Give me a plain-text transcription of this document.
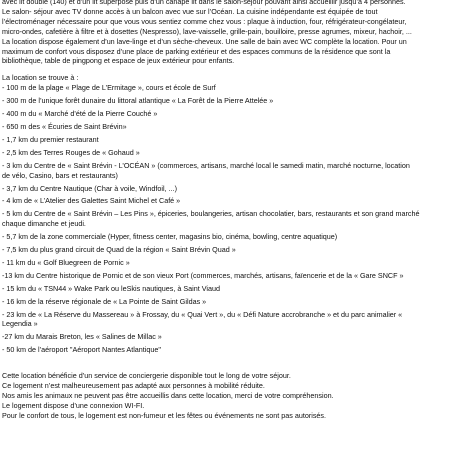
avec lit double (140) et d’un lit superposé puis d’un canapé lit dans le salon-séjour pouvant ainsi accueillir jusqu’à 4 personnes.

Le salon- séjour avec TV donne accès à un balcon avec vue sur l’Océan. La cuisine indépendante est équipée de tout

l’électroménager nécessaire pour que vous vous sentiez comme chez vous : plaque à induction, four, réfrigérateur-congélateur,

micro-ondes, cafetière à filtre et à dosettes (Nespresso), lave-vaisselle, grille-pain, bouilloire, presse agrumes, mixeur, hachoir, ...

La location dispose également d’un lave-linge et d’un sèche-cheveux. Une salle de bain avec WC complète la location. Pour un

maximum de confort vous disposez d’une place de parking extérieur et des espaces communs de la résidence que sont la

bibliothèque, table de pingpong et espace de jeux extérieur pour enfants.

La location se trouve à :

- 100 m de la plage « Plage de L’Ermitage », cours et école de Surf

- 300 m de l’unique forêt dunaire du littoral atlantique « La Forêt de la Pierre Attelée »

- 400 m du « Marché d’été de la Pierre Couché »

- 650 m des « Écuries de Saint Brévin»

- 1,7 km du premier restaurant

- 2,5 km des Terres Rouges de « Gohaud »

- 3 km du Centre de « Saint Brévin - L’OCÉAN » (commerces, artisans, marché local le samedi matin, marché nocturne, location

de vélo, Casino, bars et restaurants)

- 3,7 km du Centre Nautique (Char à voile, Windfoil, ...)

- 4 km de « L’Atelier des Galettes Saint Michel et Café »

- 5 km du Centre de « Saint Brévin – Les Pins », épiceries, boulangeries, artisan chocolatier, bars, restaurants et son grand marché

chaque dimanche et jeudi.

- 5,7 km de la zone commerciale (Hyper, fitness center, magasins bio, cinéma, bowling, centre aquatique)

- 7,5 km du plus grand circuit de Quad de la région « Saint Brévin Quad »

- 11 km du « Golf Bluegreen de Pornic »

-13 km du Centre historique de Pornic et de son vieux Port (commerces, marchés, artisans, faïencerie et de la « Gare SNCF »

- 15 km du « TSN44 » Wake Park ou leSkis nautiques, à Saint Viaud

- 16 km de la réserve régionale de « La Pointe de Saint Gildas »

- 23 km de « La Réserve du Massereau » à Frossay, du « Quai Vert », du « Défi Nature accrobranche » et du parc animalier «

Legendia »

-27 km du Marais Breton, les « Salines de Millac »

- 50 km de l’aéroport "Aéroport Nantes Atlantique"

Cette location bénéficie d’un service de conciergerie disponible tout le long de votre séjour.

Ce logement n’est malheureusement pas adapté aux personnes à mobilité réduite.

Nos amis les animaux ne peuvent pas être accueillis dans cette location, merci de votre compréhension.

Le logement dispose d’une connexion WI-FI.

Pour le confort de tous, le logement est non-fumeur et les fêtes ou événements ne sont pas autorisés.
